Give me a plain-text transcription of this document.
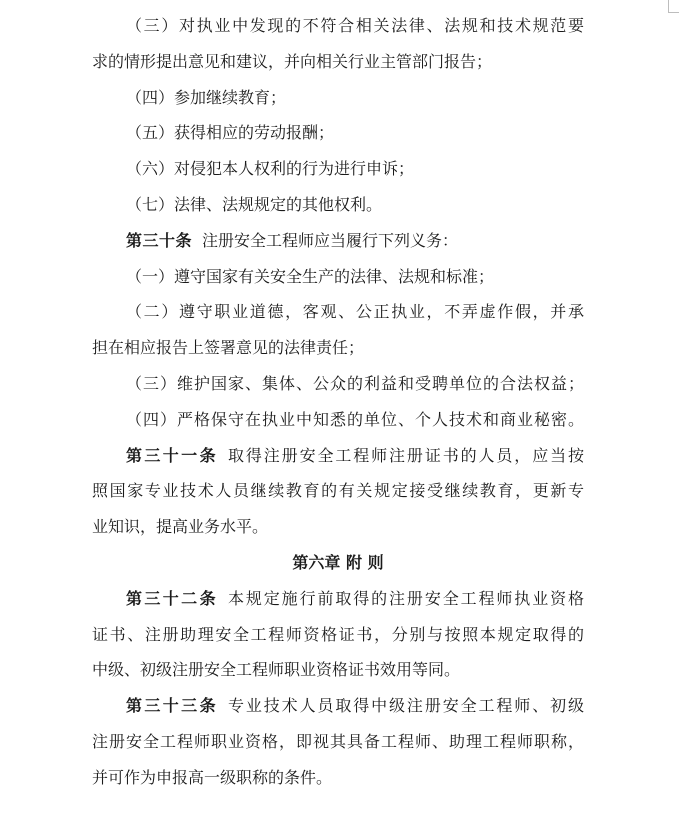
（三）对执业中发现的不符合相关法律、法规和技术规范要
求的情形提出意见和建议，并向相关行业主管部门报告；
（四）参加继续教育；
（五）获得相应的劳动报酬；
（六）对侵犯本人权利的行为进行申诉；
（七）法律、法规规定的其他权利。
第三十条 注册安全工程师应当履行下列义务：
（一）遵守国家有关安全生产的法律、法规和标准；
（二）遵守职业道德，客观、公正执业，不弄虚作假，并承
担在相应报告上签署意见的法律责任；
（三）维护国家、集体、公众的利益和受聘单位的合法权益；
（四）严格保守在执业中知悉的单位、个人技术和商业秘密。
第三十一条 取得注册安全工程师注册证书的人员，应当按
照国家专业技术人员继续教育的有关规定接受继续教育，更新专
业知识，提高业务水平。
第六章 附 则
第三十二条 本规定施行前取得的注册安全工程师执业资格
证书、注册助理安全工程师资格证书，分别与按照本规定取得的
中级、初级注册安全工程师职业资格证书效用等同。
第三十三条 专业技术人员取得中级注册安全工程师、初级
注册安全工程师职业资格，即视其具备工程师、助理工程师职称，
并可作为申报高一级职称的条件。
